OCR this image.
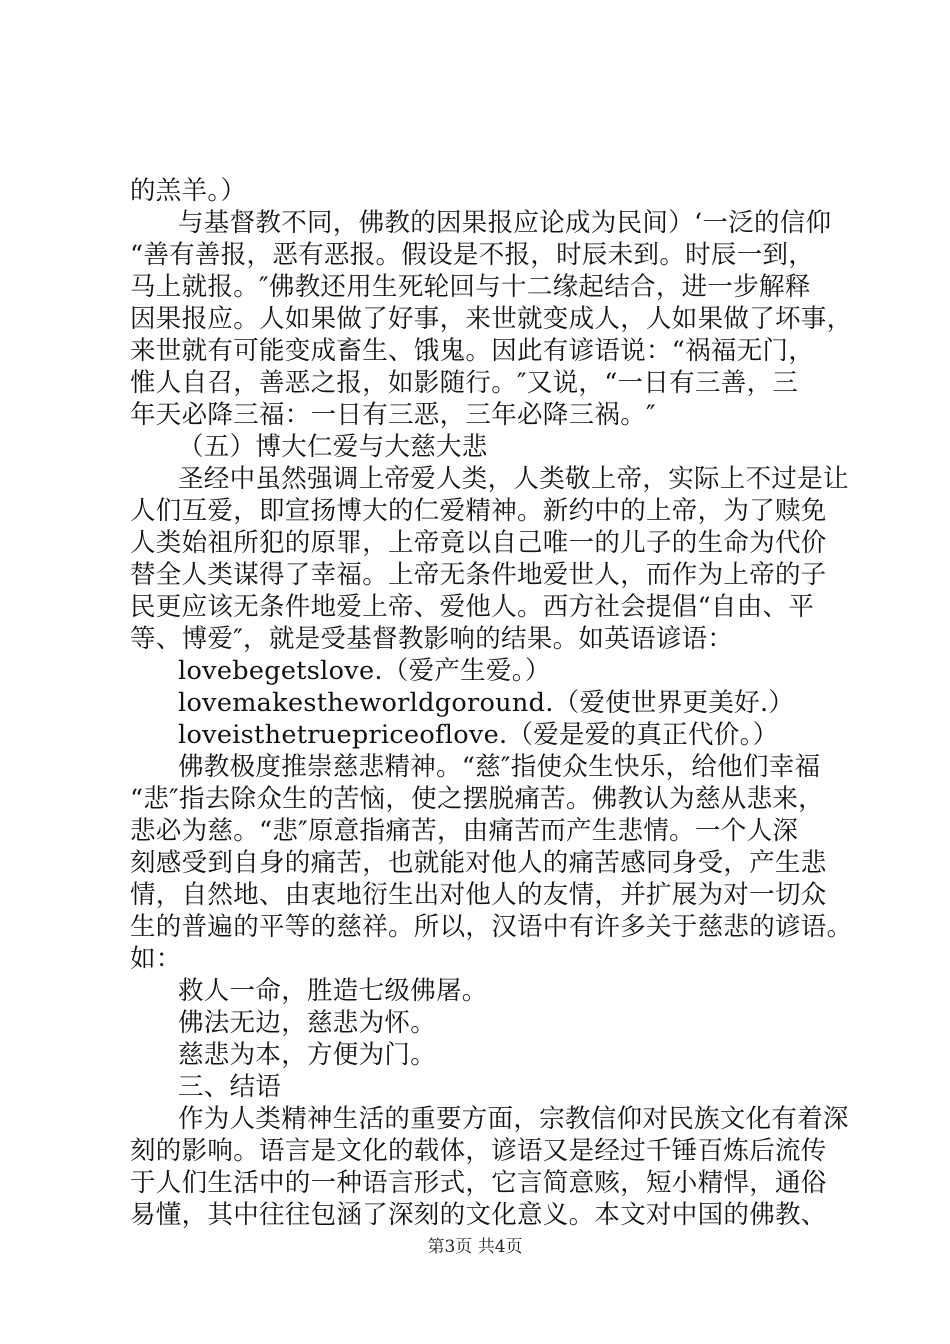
的羔羊。）
与基督教不同，佛教的因果报应论成为民间）‘一泛的信仰
“善有善报，恶有恶报。假设是不报，时辰未到。时辰一到，
马上就报。″佛教还用生死轮回与十二缘起结合，进一步解释
因果报应。人如果做了好事，来世就变成人，人如果做了坏事，
来世就有可能变成畜生、饿鬼。因此有谚语说：“祸福无门，
惟人自召，善恶之报，如影随行。″又说，“一日有三善，三
年天必降三福：一日有三恶，三年必降三祸。″
（五）博大仁爱与大慈大悲
圣经中虽然强调上帝爱人类，人类敬上帝，实际上不过是让
人们互爱，即宣扬博大的仁爱精神。新约中的上帝，为了赎免
人类始祖所犯的原罪，上帝竟以自己唯一的儿子的生命为代价
替全人类谋得了幸福。上帝无条件地爱世人，而作为上帝的子
民更应该无条件地爱上帝、爱他人。西方社会提倡“自由、平
等、博爱″，就是受基督教影响的结果。如英语谚语：
lovebegetslove.（爱产生爱。）
lovemakestheworldgoround.（爱使世界更美好.）
loveisthetruepriceoflove.（爱是爱的真正代价。）
佛教极度推崇慈悲精神。“慈″指使众生快乐，给他们幸福
“悲″指去除众生的苦恼，使之摆脱痛苦。佛教认为慈从悲来，
悲必为慈。“悲″原意指痛苦，由痛苦而产生悲情。一个人深
刻感受到自身的痛苦，也就能对他人的痛苦感同身受，产生悲
情，自然地、由衷地衍生出对他人的友情，并扩展为对一切众
生的普遍的平等的慈祥。所以，汉语中有许多关于慈悲的谚语。
如：
救人一命，胜造七级佛屠。
佛法无边，慈悲为怀。
慈悲为本，方便为门。
三、结语
作为人类精神生活的重要方面，宗教信仰对民族文化有着深
刻的影响。语言是文化的载体，谚语又是经过千锤百炼后流传
于人们生活中的一种语言形式，它言简意赅，短小精悍，通俗
易懂，其中往往包涵了深刻的文化意义。本文对中国的佛教、
第3页 共4页
